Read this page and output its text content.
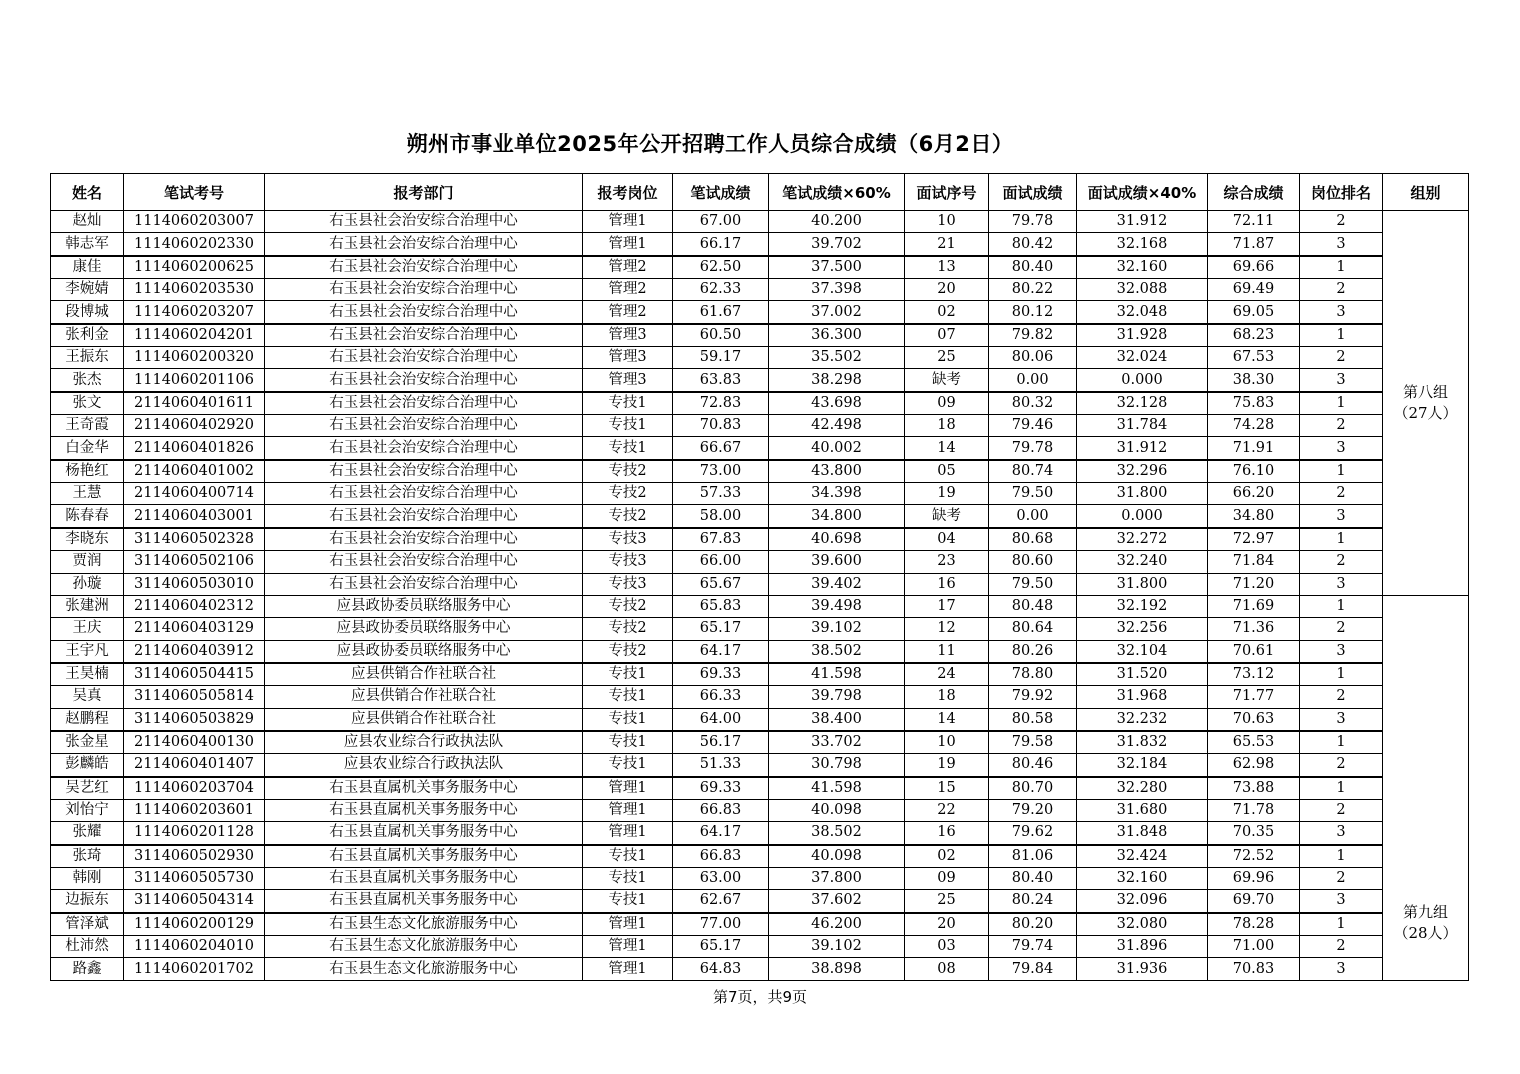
朔州市事业单位2025年公开招聘工作人员综合成绩（6月2日）
姓名	笔试考号	报考部门	报考岗位	笔试成绩	笔试成绩×60%	面试序号	面试成绩	面试成绩×40%	综合成绩	岗位排名	组别
赵灿	1114060203007	右玉县社会治安综合治理中心	管理1	67.00	40.200	10	79.78	31.912	72.11	2	第八组
（27人）

韩志军	1114060202330	右玉县社会治安综合治理中心	管理1	66.17	39.702	21	80.42	32.168	71.87	3	
康佳	1114060200625	右玉县社会治安综合治理中心	管理2	62.50	37.500	13	80.40	32.160	69.66	1	
李婉婧	1114060203530	右玉县社会治安综合治理中心	管理2	62.33	37.398	20	80.22	32.088	69.49	2	
段博城	1114060203207	右玉县社会治安综合治理中心	管理2	61.67	37.002	02	80.12	32.048	69.05	3	
张利金	1114060204201	右玉县社会治安综合治理中心	管理3	60.50	36.300	07	79.82	31.928	68.23	1	
王振东	1114060200320	右玉县社会治安综合治理中心	管理3	59.17	35.502	25	80.06	32.024	67.53	2	
张杰	1114060201106	右玉县社会治安综合治理中心	管理3	63.83	38.298	缺考	0.00	0.000	38.30	3	
张文	2114060401611	右玉县社会治安综合治理中心	专技1	72.83	43.698	09	80.32	32.128	75.83	1	
王奇霞	2114060402920	右玉县社会治安综合治理中心	专技1	70.83	42.498	18	79.46	31.784	74.28	2	
白金华	2114060401826	右玉县社会治安综合治理中心	专技1	66.67	40.002	14	79.78	31.912	71.91	3	
杨艳红	2114060401002	右玉县社会治安综合治理中心	专技2	73.00	43.800	05	80.74	32.296	76.10	1	
王慧	2114060400714	右玉县社会治安综合治理中心	专技2	57.33	34.398	19	79.50	31.800	66.20	2	
陈春春	2114060403001	右玉县社会治安综合治理中心	专技2	58.00	34.800	缺考	0.00	0.000	34.80	3	
李晓东	3114060502328	右玉县社会治安综合治理中心	专技3	67.83	40.698	04	80.68	32.272	72.97	1	
贾润	3114060502106	右玉县社会治安综合治理中心	专技3	66.00	39.600	23	80.60	32.240	71.84	2	
孙璇	3114060503010	右玉县社会治安综合治理中心	专技3	65.67	39.402	16	79.50	31.800	71.20	3	
张建洲	2114060402312	应县政协委员联络服务中心	专技2	65.83	39.498	17	80.48	32.192	71.69	1	第九组
（28人）

王庆	2114060403129	应县政协委员联络服务中心	专技2	65.17	39.102	12	80.64	32.256	71.36	2	
王宇凡	2114060403912	应县政协委员联络服务中心	专技2	64.17	38.502	11	80.26	32.104	70.61	3	
王昊楠	3114060504415	应县供销合作社联合社	专技1	69.33	41.598	24	78.80	31.520	73.12	1	
吴真	3114060505814	应县供销合作社联合社	专技1	66.33	39.798	18	79.92	31.968	71.77	2	
赵鹏程	3114060503829	应县供销合作社联合社	专技1	64.00	38.400	14	80.58	32.232	70.63	3	
张金星	2114060400130	应县农业综合行政执法队	专技1	56.17	33.702	10	79.58	31.832	65.53	1	
彭麟皓	2114060401407	应县农业综合行政执法队	专技1	51.33	30.798	19	80.46	32.184	62.98	2	
吴艺红	1114060203704	右玉县直属机关事务服务中心	管理1	69.33	41.598	15	80.70	32.280	73.88	1	
刘怡宁	1114060203601	右玉县直属机关事务服务中心	管理1	66.83	40.098	22	79.20	31.680	71.78	2	
张耀	1114060201128	右玉县直属机关事务服务中心	管理1	64.17	38.502	16	79.62	31.848	70.35	3	
张琦	3114060502930	右玉县直属机关事务服务中心	专技1	66.83	40.098	02	81.06	32.424	72.52	1	
韩刚	3114060505730	右玉县直属机关事务服务中心	专技1	63.00	37.800	09	80.40	32.160	69.96	2	
边振东	3114060504314	右玉县直属机关事务服务中心	专技1	62.67	37.602	25	80.24	32.096	69.70	3	
管泽斌	1114060200129	右玉县生态文化旅游服务中心	管理1	77.00	46.200	20	80.20	32.080	78.28	1	
杜沛然	1114060204010	右玉县生态文化旅游服务中心	管理1	65.17	39.102	03	79.74	31.896	71.00	2	
路鑫	1114060201702	右玉县生态文化旅游服务中心	管理1	64.83	38.898	08	79.84	31.936	70.83	3	
第7页，共9页
